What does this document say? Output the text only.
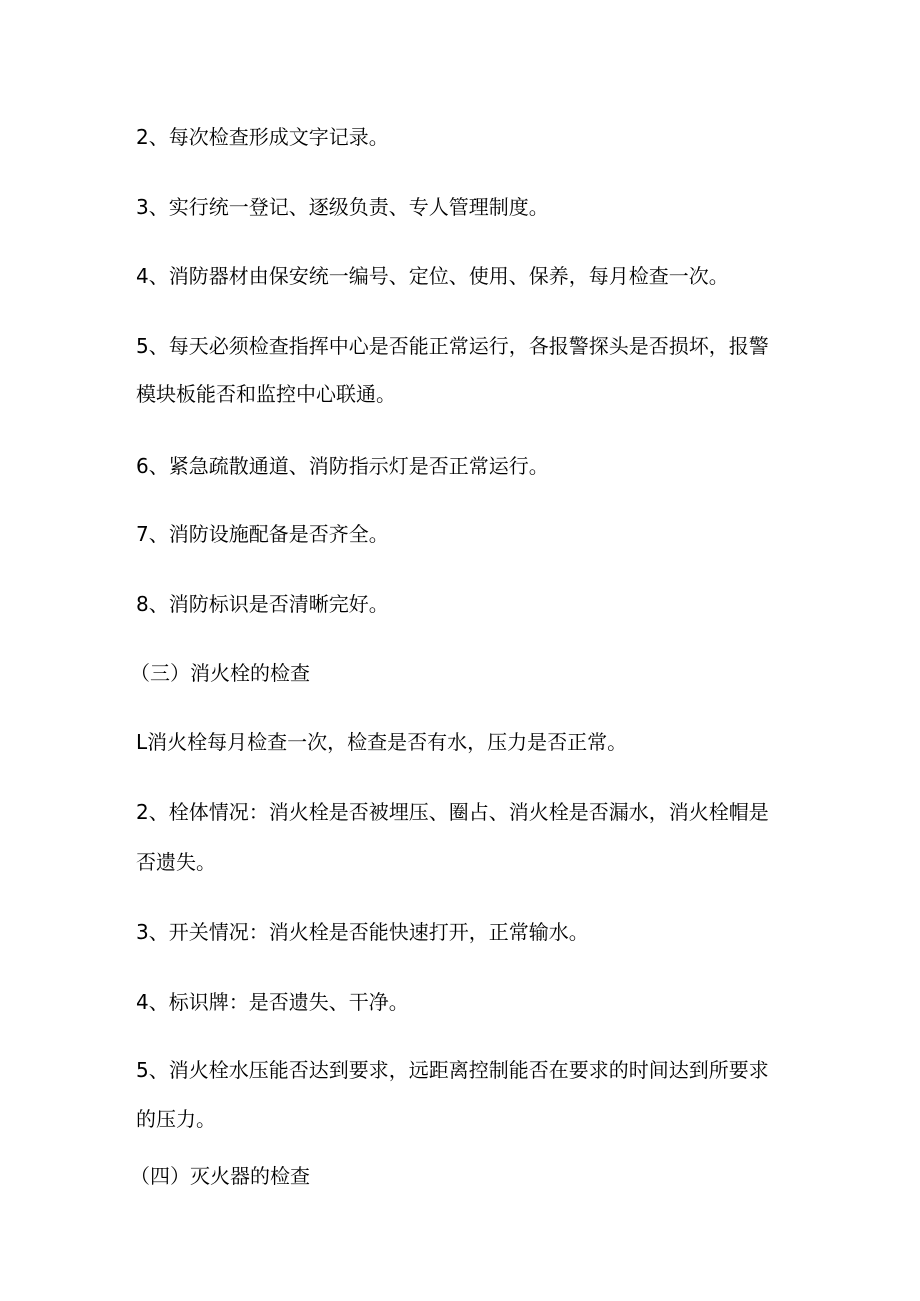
2、每次检查形成文字记录。
3、实行统一登记、逐级负责、专人管理制度。
4、消防器材由保安统一编号、定位、使用、保养，每月检查一次。
5、每天必须检查指挥中心是否能正常运行，各报警探头是否损坏，报警
模块板能否和监控中心联通。
6、紧急疏散通道、消防指示灯是否正常运行。
7、消防设施配备是否齐全。
8、消防标识是否清晰完好。
（三）消火栓的检查
L消火栓每月检查一次，检查是否有水，压力是否正常。
2、栓体情况：消火栓是否被埋压、圈占、消火栓是否漏水，消火栓帽是
否遗失。
3、开关情况：消火栓是否能快速打开，正常输水。
4、标识牌：是否遗失、干净。
5、消火栓水压能否达到要求，远距离控制能否在要求的时间达到所要求
的压力。
（四）灭火器的检查
